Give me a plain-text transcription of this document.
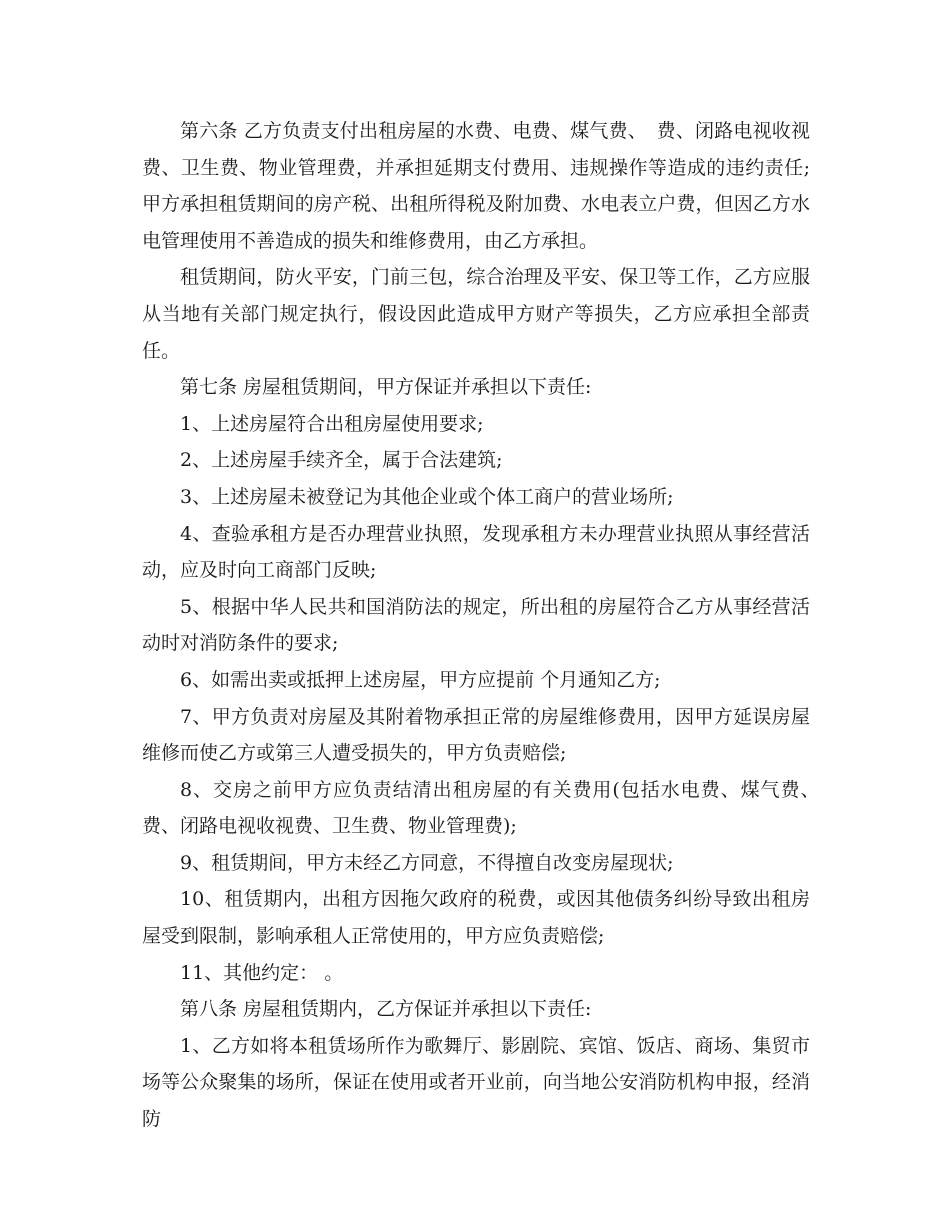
第六条 乙方负责支付出租房屋的水费、电费、煤气费、　费、闭路电视收视费、卫生费、物业管理费，并承担延期支付费用、违规操作等造成的违约责任;甲方承担租赁期间的房产税、出租所得税及附加费、水电表立户费，但因乙方水电管理使用不善造成的损失和维修费用，由乙方承担。

租赁期间，防火平安，门前三包，综合治理及平安、保卫等工作，乙方应服从当地有关部门规定执行，假设因此造成甲方财产等损失，乙方应承担全部责任。

第七条 房屋租赁期间，甲方保证并承担以下责任:

1、上述房屋符合出租房屋使用要求;

2、上述房屋手续齐全，属于合法建筑;

3、上述房屋未被登记为其他企业或个体工商户的营业场所;

4、查验承租方是否办理营业执照，发现承租方未办理营业执照从事经营活动，应及时向工商部门反映;

5、根据中华人民共和国消防法的规定，所出租的房屋符合乙方从事经营活动时对消防条件的要求;

6、如需出卖或抵押上述房屋，甲方应提前 个月通知乙方;

7、甲方负责对房屋及其附着物承担正常的房屋维修费用，因甲方延误房屋维修而使乙方或第三人遭受损失的，甲方负责赔偿;

8、交房之前甲方应负责结清出租房屋的有关费用(包括水电费、煤气费、　费、闭路电视收视费、卫生费、物业管理费);

9、租赁期间，甲方未经乙方同意，不得擅自改变房屋现状;

10、租赁期内，出租方因拖欠政府的税费，或因其他债务纠纷导致出租房屋受到限制，影响承租人正常使用的，甲方应负责赔偿;

11、其他约定： 。

第八条 房屋租赁期内，乙方保证并承担以下责任:

1、乙方如将本租赁场所作为歌舞厅、影剧院、宾馆、饭店、商场、集贸市场等公众聚集的场所，保证在使用或者开业前，向当地公安消防机构申报，经消防
